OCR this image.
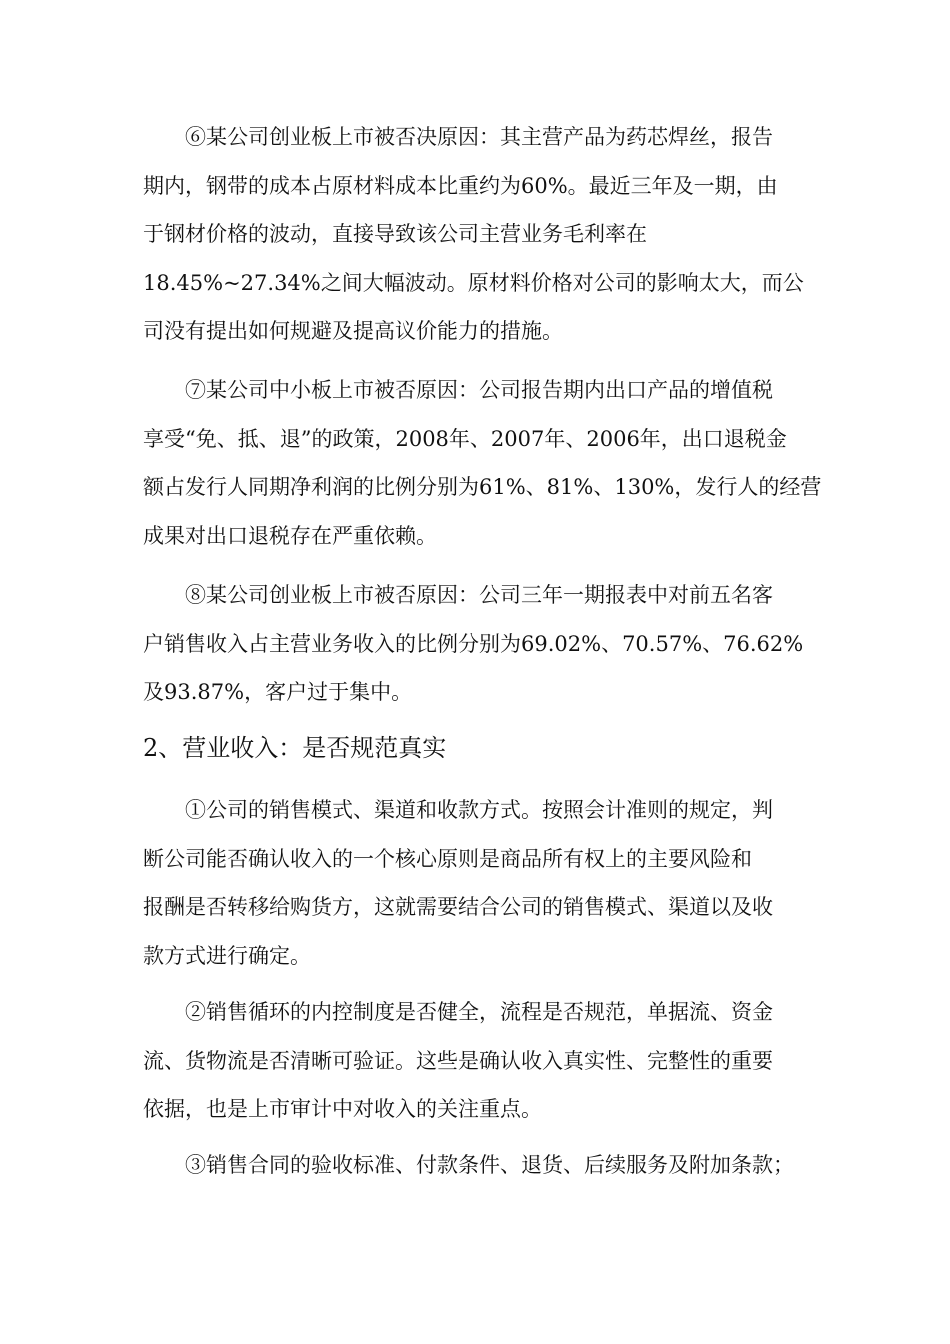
⑥某公司创业板上市被否决原因：其主营产品为药芯焊丝，报告
期内，钢带的成本占原材料成本比重约为60%。最近三年及一期，由
于钢材价格的波动，直接导致该公司主营业务毛利率在
18.45%~27.34%之间大幅波动。原材料价格对公司的影响太大，而公
司没有提出如何规避及提高议价能力的措施。
⑦某公司中小板上市被否原因：公司报告期内出口产品的增值税
享受“免、抵、退”的政策，2008年、2007年、2006年，出口退税金
额占发行人同期净利润的比例分别为61%、81%、130%，发行人的经营
成果对出口退税存在严重依赖。
⑧某公司创业板上市被否原因：公司三年一期报表中对前五名客
户销售收入占主营业务收入的比例分别为69.02%、70.57%、76.62%
及93.87%，客户过于集中。
2、营业收入：是否规范真实
①公司的销售模式、渠道和收款方式。按照会计准则的规定，判
断公司能否确认收入的一个核心原则是商品所有权上的主要风险和
报酬是否转移给购货方，这就需要结合公司的销售模式、渠道以及收
款方式进行确定。
②销售循环的内控制度是否健全，流程是否规范，单据流、资金
流、货物流是否清晰可验证。这些是确认收入真实性、完整性的重要
依据，也是上市审计中对收入的关注重点。
③销售合同的验收标准、付款条件、退货、后续服务及附加条款；
